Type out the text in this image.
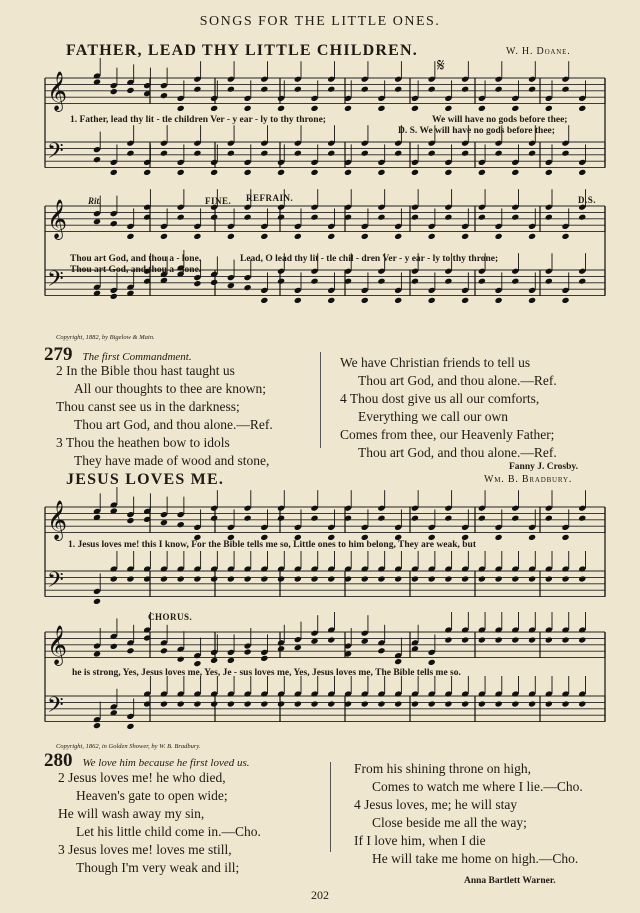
SONGS FOR THE LITTLE ONES.
FATHER, LEAD THY LITTLE CHILDREN.	W. H. Doane.
𝄋
𝄞
𝄢
𝄞
𝄢
1. Father, lead thy lit - tle children Ver - y ear - ly to thy throne;	We will have no gods before thee;
D. S. We will have no gods before thee;
Rit.	FINE. REFRAIN.	D.S.
Thou art God, and thou a - lone.	Lead, O lead thy lit - tle chil - dren Ver - y ear - ly to thy throne;
Thou art God, and thou a - lone.
Copyright, 1882, by Bigelow & Main.
279 The first Commandment.
2 In the Bible thou hast taught us
All our thoughts to thee are known;
Thou canst see us in the darkness;
Thou art God, and thou alone.—Ref.
3 Thou the heathen bow to idols
They have made of wood and stone,
We have Christian friends to tell us
Thou art God, and thou alone.—Ref.
4 Thou dost give us all our comforts,
Everything we call our own
Comes from thee, our Heavenly Father;
Thou art God, and thou alone.—Ref.
Fanny J. Crosby.
JESUS LOVES ME.	Wm. B. Bradbury.
𝄞
𝄢
𝄞
𝄢
1. Jesus loves me! this I know, For the Bible tells me so, Little ones to him belong, They are weak, but
CHORUS.
he is strong, Yes, Jesus loves me, Yes, Je - sus loves me, Yes, Jesus loves me, The Bible tells me so.
Copyright, 1862, in Golden Shower, by W. B. Bradbury.
280 We love him because he first loved us.
2 Jesus loves me! he who died,
Heaven's gate to open wide;
He will wash away my sin,
Let his little child come in.—Cho.
3 Jesus loves me! loves me still,
Though I'm very weak and ill;
From his shining throne on high,
Comes to watch me where I lie.—Cho.
4 Jesus loves, me; he will stay
Close beside me all the way;
If I love him, when I die
He will take me home on high.—Cho.
Anna Bartlett Warner.
202
